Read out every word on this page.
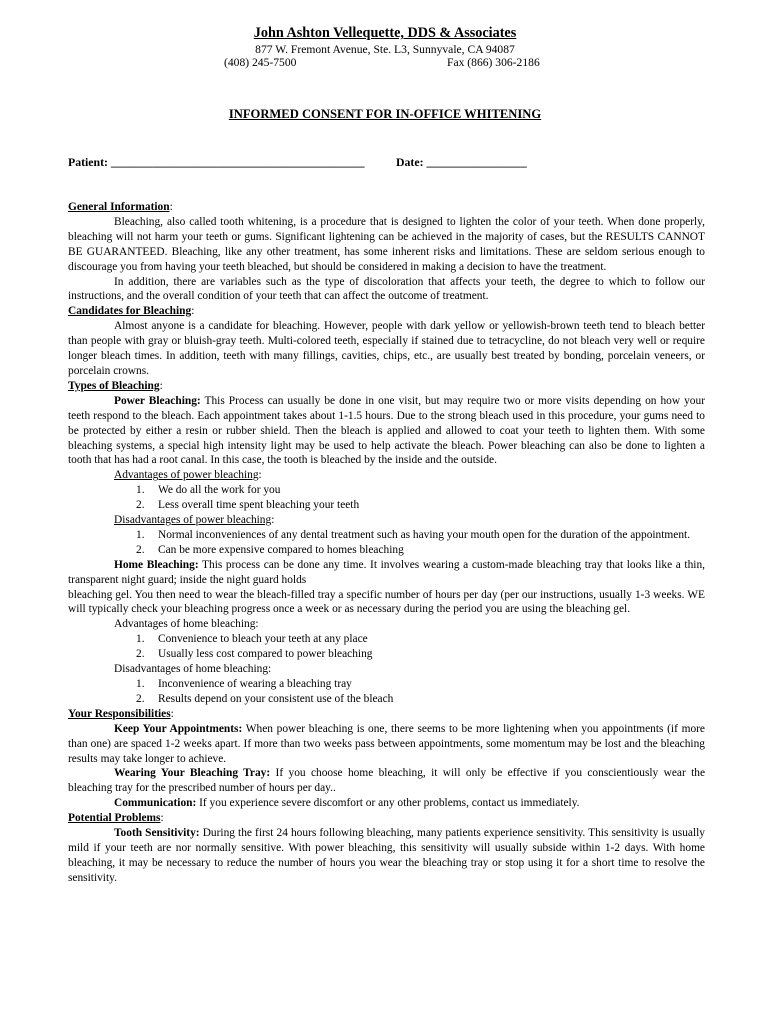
John Ashton Vellequette, DDS & Associates
877 W. Fremont Avenue, Ste. L3, Sunnyvale, CA 94087
(408) 245-7500	Fax (866) 306-2186
INFORMED CONSENT FOR IN-OFFICE WHITENING
Patient: ___________________________________________	Date: _________________

General Information:

Bleaching, also called tooth whitening, is a procedure that is designed to lighten the color of your teeth. When done properly, bleaching will not harm your teeth or gums. Significant lightening can be achieved in the majority of cases, but the RESULTS CANNOT BE GUARANTEED. Bleaching, like any other treatment, has some inherent risks and limitations. These are seldom serious enough to discourage you from having your teeth bleached, but should be considered in making a decision to have the treatment.

In addition, there are variables such as the type of discoloration that affects your teeth, the degree to which to follow our instructions, and the overall condition of your teeth that can affect the outcome of treatment.

Candidates for Bleaching:

Almost anyone is a candidate for bleaching. However, people with dark yellow or yellowish-brown teeth tend to bleach better than people with gray or bluish-gray teeth. Multi-colored teeth, especially if stained due to tetracycline, do not bleach very well or require longer bleach times. In addition, teeth with many fillings, cavities, chips, etc., are usually best treated by bonding, porcelain veneers, or porcelain crowns.

Types of Bleaching:

Power Bleaching: This Process can usually be done in one visit, but may require two or more visits depending on how your teeth respond to the bleach. Each appointment takes about 1-1.5 hours. Due to the strong bleach used in this procedure, your gums need to be protected by either a resin or rubber shield. Then the bleach is applied and allowed to coat your teeth to lighten them. With some bleaching systems, a special high intensity light may be used to help activate the bleach. Power bleaching can also be done to lighten a tooth that has had a root canal. In this case, the tooth is bleached by the inside and the outside.

Advantages of power bleaching:

1.	We do all the work for you

2.	Less overall time spent bleaching your teeth

Disadvantages of power bleaching:

1.	Normal inconveniences of any dental treatment such as having your mouth open for the duration of the appointment.

2.	Can be more expensive compared to homes bleaching

Home Bleaching: This process can be done any time. It involves wearing a custom-made bleaching tray that looks like a thin, transparent night guard; inside the night guard holds

bleaching gel. You then need to wear the bleach-filled tray a specific number of hours per day (per our instructions, usually 1-3 weeks. WE will typically check your bleaching progress once a week or as necessary during the period you are using the bleaching gel.

Advantages of home bleaching:

1.	Convenience to bleach your teeth at any place

2.	Usually less cost compared to power bleaching

Disadvantages of home bleaching:

1.	Inconvenience of wearing a bleaching tray

2.	Results depend on your consistent use of the bleach

Your Responsibilities:

Keep Your Appointments: When power bleaching is one, there seems to be more lightening when you appointments (if more than one) are spaced 1-2 weeks apart. If more than two weeks pass between appointments, some momentum may be lost and the bleaching results may take longer to achieve.

Wearing Your Bleaching Tray: If you choose home bleaching, it will only be effective if you conscientiously wear the bleaching tray for the prescribed number of hours per day..

Communication: If you experience severe discomfort or any other problems, contact us immediately.

Potential Problems:

Tooth Sensitivity: During the first 24 hours following bleaching, many patients experience sensitivity. This sensitivity is usually mild if your teeth are nor normally sensitive. With power bleaching, this sensitivity will usually subside within 1-2 days. With home bleaching, it may be necessary to reduce the number of hours you wear the bleaching tray or stop using it for a short time to resolve the sensitivity.
